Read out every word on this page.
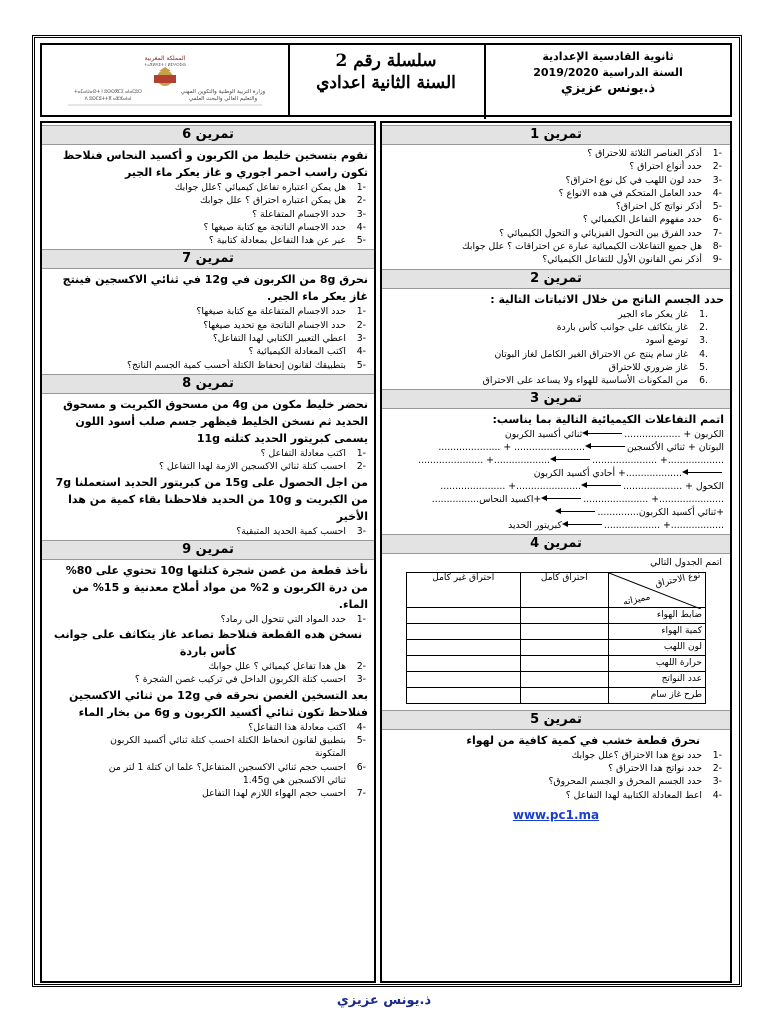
ثانوية القادسية الإعدادية
السنة الدراسية 2019/2020
ذ.يونس عزيزي
سلسلة رقم 2
السنة الثانية اعدادي
المملكة المغربية
ⵜⴰⴳⵍⴷⵉⵜ ⵏ ⵍⵎⵖⵔⵉⴱ
وزارة التربية الوطنية والتكوين المهني
والتعليم العالي والبحث العلمي
ⵜⴰⵎⴰⵡⴰⵙⵜ ⵏ ⵓⵙⵙⴳⵎⵉ ⴰⵏⴰⵎⵓⵔ
ⴷ ⵓⵙⵎⵓⵜⵜⴳ ⴰⵣⵣⴰⵏⴰⵏ
تمرين 1
-1أذكر العناصر الثلاثة للاحتراق ؟
-2حدد أنواع احتراق ؟
-3حدد لون اللهب في كل نوع احتراق؟
-4حدد العامل المتحكم في هده الانواع ؟
-5أذكر نواتج كل احتراق؟
-6حدد مفهوم التفاعل الكيميائي ؟
-7حدد الفرق بين التحول الفيزيائي و التحول الكيميائي ؟
-8هل جميع التفاعلات الكيميائية عبارة عن احتراقات ؟ علل جوابك
-9أذكر نص القانون الأول للتفاعل الكيميائي؟
تمرين 2
حدد الجسم الناتج من خلال الاثباتات التالية :
.1غاز يعكر ماء الجير
.2غاز يتكاثف على جوانب كأس باردة
.3توضع أسود
.4غاز سام ينتج عن الاحتراق الغير الكامل لغاز البوتان
.5غاز ضروري للاحتراق
.6من المكونات الأساسية للهواء ولا يساعد على الاحتراق
تمرين 3
اتمم التفاعلات الكيميائية التالية بما يناسب:
الكربون + ...................ثنائي أكسيد الكربون
البوتان + ثنائي الأكسجين........................ + .....................
...................+ .........................................+ ......................
...................+ أحادي أكسيد الكربون
الكحول + ..........................................+ ......................
......................+ ......................+اكسيد النحاس................
+ثنائي أكسيد الكربون..............
..................+ ...................كبريتور الحديد
تمرين 4
اتمم الجدول التالي
نوع الاحتراق
مميزاته	احتراق كامل	احتراق غير كامل
ضابط الهواء		
كمية الهواء		
لون اللهب		
حرارة اللهب		
عدد النواتج		
طرح غاز سام		
تمرين 5
نحرق قطعة خشب في كمية كافية من لهواء
-1حدد نوع هدا الاحتراق ؟علل جوابك
-2حدد نواتج هدا الاحتراق ؟
-3حدد الجسم المحرق و الجسم المحروق؟
-4اعط المعادلة الكتابية لهدا التفاعل ؟
www.pc1.ma
تمرين 6
نقوم بتسخين خليط من الكربون و أكسيد النحاس فنلاحظ تكون راسب احمر اجوري و غاز يعكر ماء الجير
-1هل يمكن اعتباره تفاعل كيميائي ؟علل جوابك
-2هل يمكن اعتباره احتراق ؟ علل جوابك
-3حدد الاجسام المتفاعلة ؟
-4حدد الاجسام الناتجة مع كتابة صيغها ؟
-5عبر عن هدا التفاعل بمعادلة كتابية ؟
تمرين 7
نحرق 8g من الكربون في 12g في ثنائي الاكسجين فينتج غاز يعكر ماء الجير.
-1حدد الاجسام المتفاعلة مع كتابة صيغها؟
-2حدد الاجسام الناتجة مع تحديد صيغها؟
-3اعطي التعبير الكتابي لهدا التفاعل؟
-4اكتب المعادلة الكيميائية ؟
-5بتطبيقك لقانون إنحفاظ الكتلة أحسب كمية الجسم الناتج؟
تمرين 8
نحضر خليط مكون من 4g من مسحوق الكبريت و مسحوق الحديد ثم نسخن الخليط فيظهر جسم صلب أسود اللون يسمى كبريتور الحديد كتلته 11g
-1اكتب معادلة التفاعل ؟
-2احسب كتلة ثنائي الاكسجين الازمة لهدا التفاعل ؟
من اجل الحصول على 15g من كبريتور الحديد استعملنا 7g من الكبريت و 10g من الحديد فلاحظنا بقاء كمية من هدا الأخير
-3احسب كمية الحديد المتبقية؟
تمرين 9
نأخذ قطعة من غصن شجرة كتلتها 10g تحتوي على 80% من درة الكربون و 2% من مواد أملاح معدنية و 15% من الماء.
-1حدد المواد التي تتحول الى رماد؟
نسخن هده القطعة فنلاحظ تصاعد غاز يتكاثف على جوانب كأس باردة
-2هل هدا تفاعل كيميائي ؟ علل جوابك
-3احسب كتلة الكربون الداخل في تركيب غصن الشجرة ؟
بعد التسخين الغصن نحرقه في 12g من ثنائي الاكسجين فنلاحظ تكون ثنائي أكسيد الكربون و 6g من بخار الماء
-4اكتب معادلة هذا التفاعل؟
-5بتطبيق لقانون انحفاظ الكتلة احسب كتلة ثنائي أكسيد الكربون
المتكونة
-6احسب حجم ثنائي الاكسجين المتفاعل؟ علما ان كتلة 1 لتر من
ثنائي الاكسجين هي 1.45g
-7احسب حجم الهواء اللازم لهدا التفاعل
ذ.يونس عزيزي
